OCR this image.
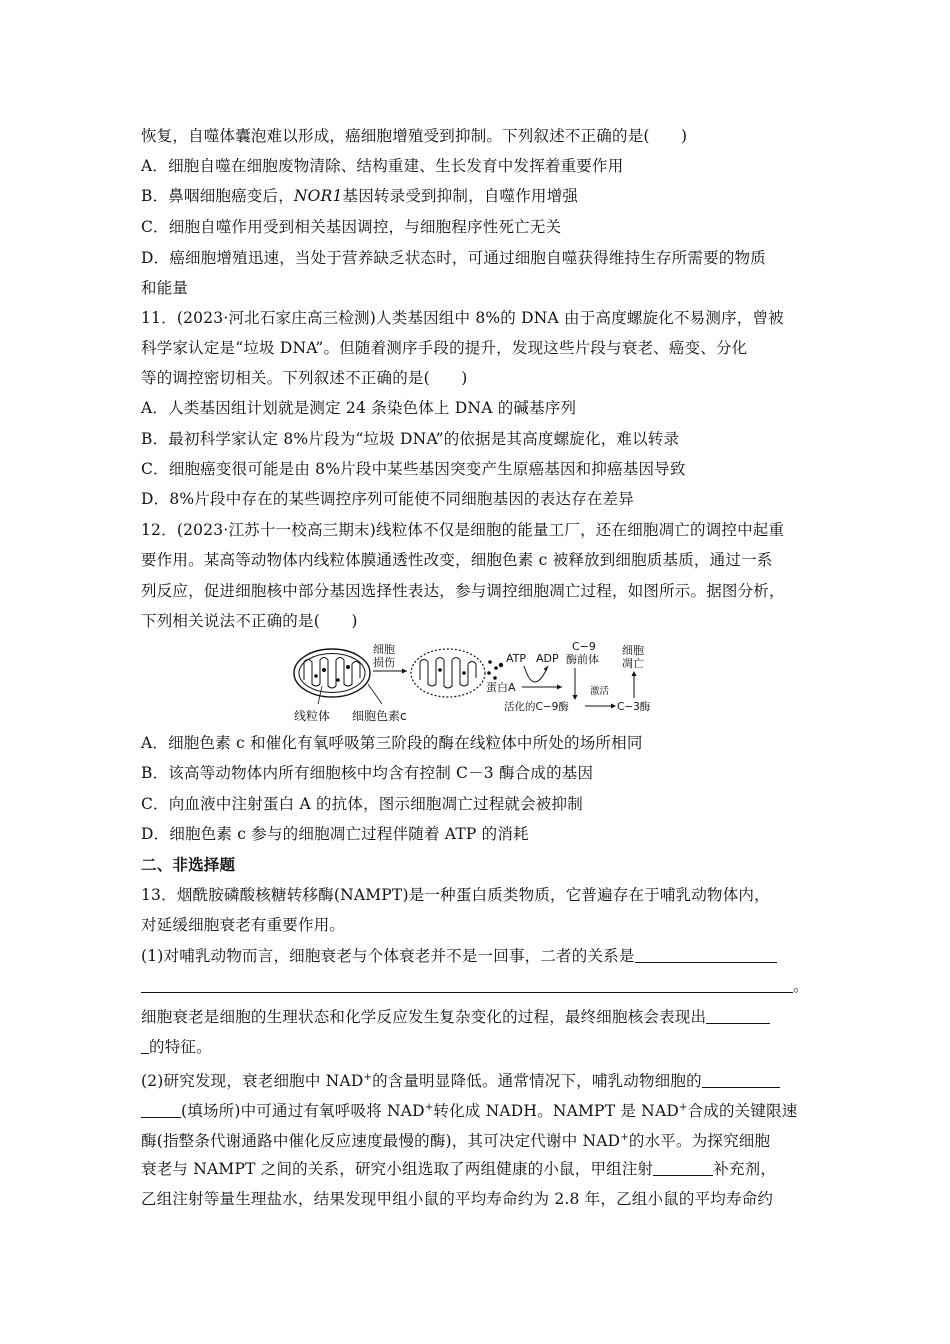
恢复，自噬体囊泡难以形成，癌细胞增殖受到抑制。下列叙述不正确的是(　　)
A．细胞自噬在细胞废物清除、结构重建、生长发育中发挥着重要作用
B．鼻咽细胞癌变后，NOR1基因转录受到抑制，自噬作用增强
C．细胞自噬作用受到相关基因调控，与细胞程序性死亡无关
D．癌细胞增殖迅速，当处于营养缺乏状态时，可通过细胞自噬获得维持生存所需要的物质
和能量
11．(2023·河北石家庄高三检测)人类基因组中 8%的 DNA 由于高度螺旋化不易测序，曾被
科学家认定是“垃圾 DNA”。但随着测序手段的提升，发现这些片段与衰老、癌变、分化
等的调控密切相关。下列叙述不正确的是(　　)
A．人类基因组计划就是测定 24 条染色体上 DNA 的碱基序列
B．最初科学家认定 8%片段为“垃圾 DNA”的依据是其高度螺旋化，难以转录
C．细胞癌变很可能是由 8%片段中某些基因突变产生原癌基因和抑癌基因导致
D．8%片段中存在的某些调控序列可能使不同细胞基因的表达存在差异
12．(2023·江苏十一校高三期末)线粒体不仅是细胞的能量工厂，还在细胞凋亡的调控中起重
要作用。某高等动物体内线粒体膜通透性改变，细胞色素 c 被释放到细胞质基质，通过一系
列反应，促进细胞核中部分基因选择性表达，参与调控细胞凋亡过程，如图所示。据图分析，
下列相关说法不正确的是(　　)
细胞
损伤	ATP ADP
C−9
酶前体
蛋白A
活化的C−9酶
激活
C−3酶
细胞
凋亡
线粒体 细胞色素c
A．细胞色素 c 和催化有氧呼吸第三阶段的酶在线粒体中所处的场所相同
B．该高等动物体内所有细胞核中均含有控制 C－3 酶合成的基因
C．向血液中注射蛋白 A 的抗体，图示细胞凋亡过程就会被抑制
D．细胞色素 c 参与的细胞凋亡过程伴随着 ATP 的消耗
二、非选择题
13．烟酰胺磷酸核糖转移酶(NAMPT)是一种蛋白质类物质，它普遍存在于哺乳动物体内，
对延缓细胞衰老有重要作用。
(1)对哺乳动物而言，细胞衰老与个体衰老并不是一回事，二者的关系是
。
细胞衰老是细胞的生理状态和化学反应发生复杂变化的过程，最终细胞核会表现出
的特征。
(2)研究发现，衰老细胞中 NAD+的含量明显降低。通常情况下，哺乳动物细胞的
(填场所)中可通过有氧呼吸将 NAD+转化成 NADH。NAMPT 是 NAD+合成的关键限速
酶(指整条代谢通路中催化反应速度最慢的酶)，其可决定代谢中 NAD+的水平。为探究细胞
衰老与 NAMPT 之间的关系，研究小组选取了两组健康的小鼠，甲组注射	补充剂，
乙组注射等量生理盐水，结果发现甲组小鼠的平均寿命约为 2.8 年，乙组小鼠的平均寿命约
